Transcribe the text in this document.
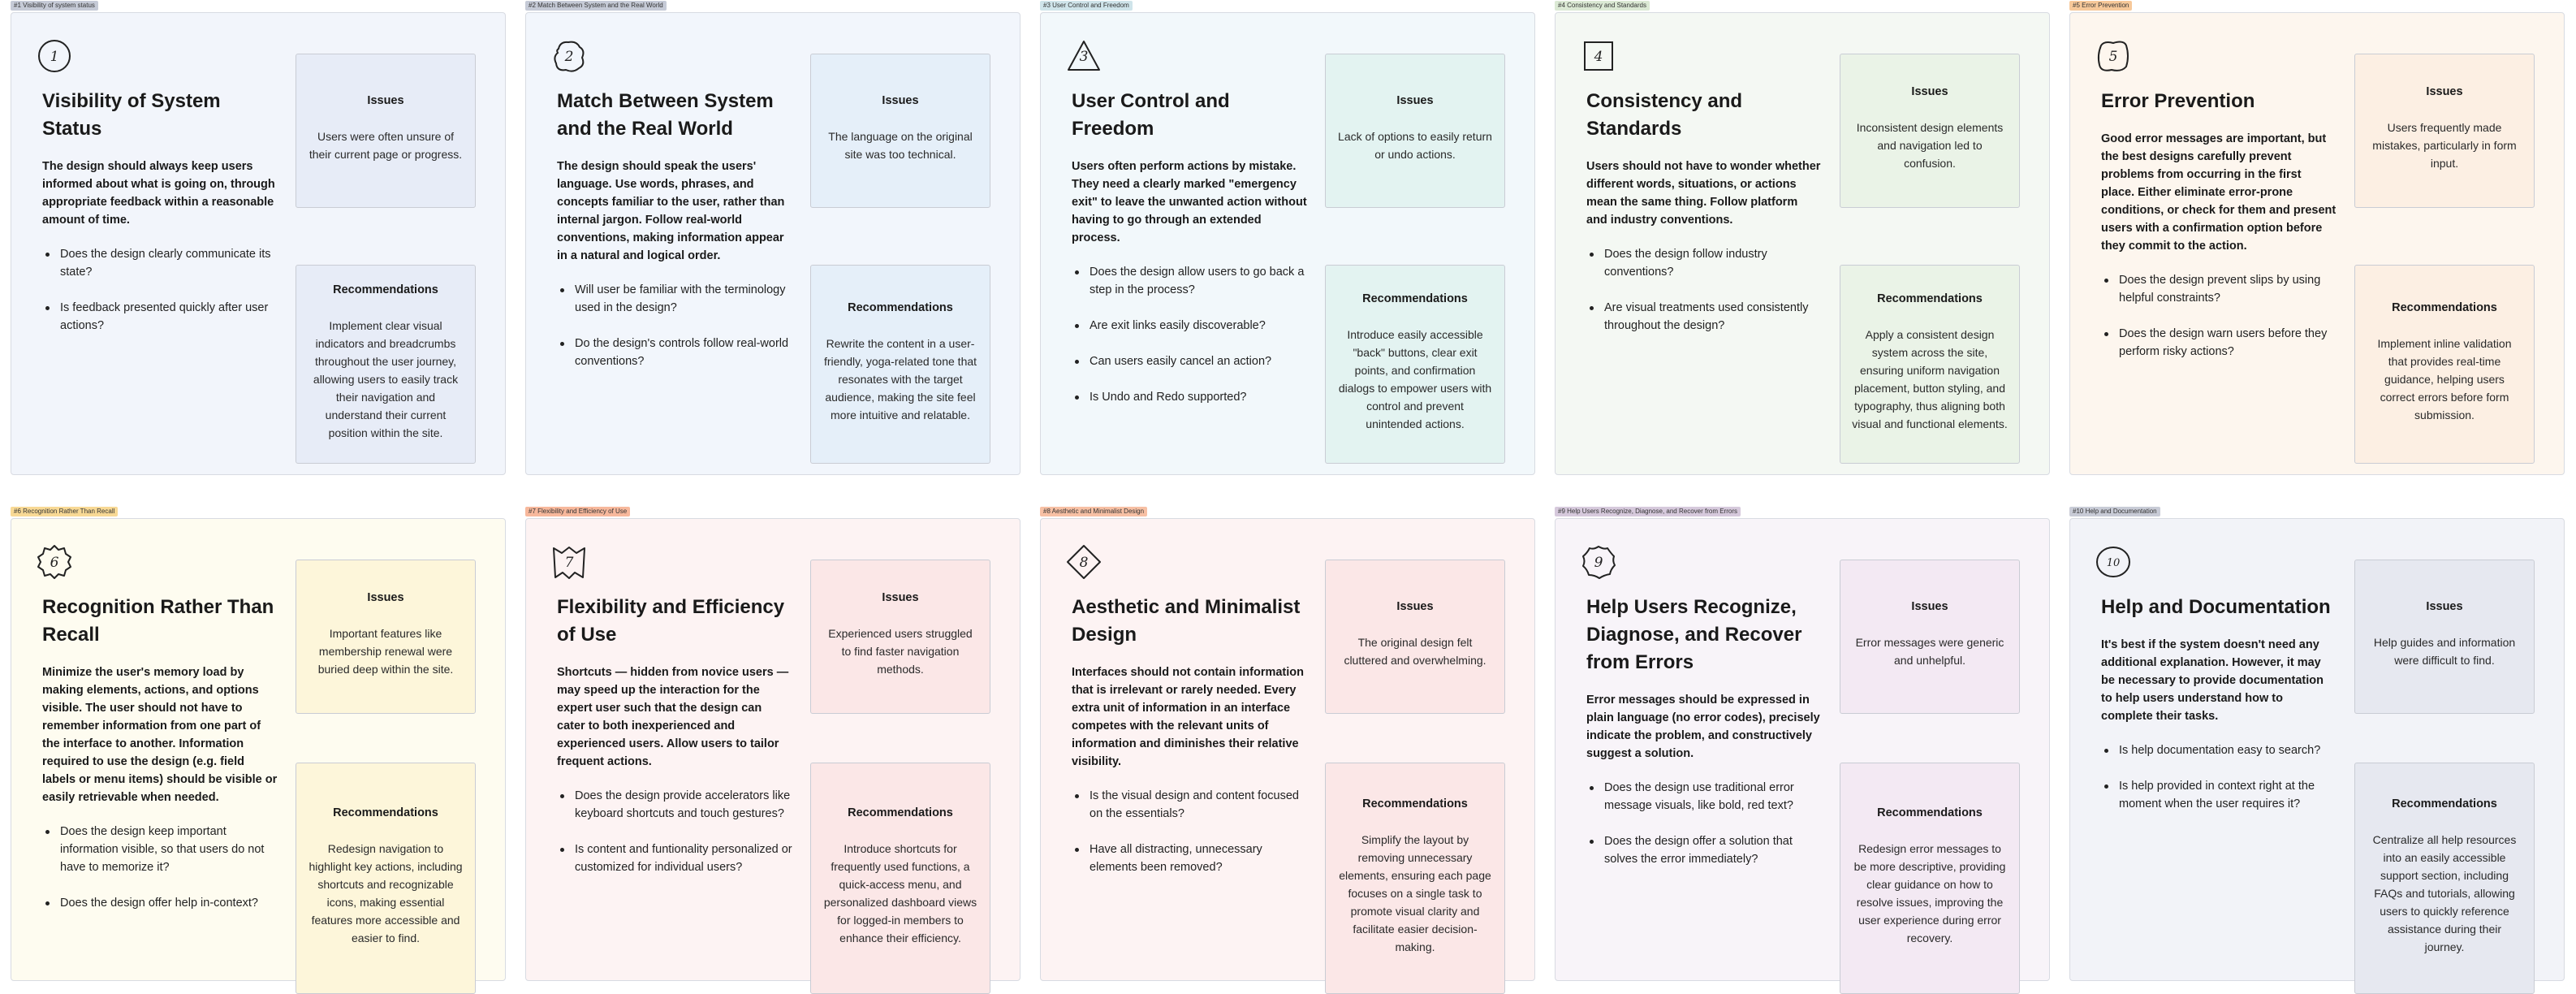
#1 Visibility of system status
1
Visibility of System Status

The design should always keep users informed about what is going on, through appropriate feedback within a reasonable amount of time.

Does the design clearly communicate its state?
Is feedback presented quickly after user actions?
Issues
Users were often unsure of their current page or progress.
Recommendations
Implement clear visual indicators and breadcrumbs throughout the user journey, allowing users to easily track their navigation and understand their current position within the site.
#2 Match Between System and the Real World
2
Match Between System and the Real World

The design should speak the users' language. Use words, phrases, and concepts familiar to the user, rather than internal jargon. Follow real-world conventions, making information appear in a natural and logical order.

Will user be familiar with the terminology used in the design?
Do the design's controls follow real-world conventions?
Issues
The language on the original site was too technical.
Recommendations
Rewrite the content in a user-friendly, yoga-related tone that resonates with the target audience, making the site feel more intuitive and relatable.
#3 User Control and Freedom
3
User Control and Freedom

Users often perform actions by mistake. They need a clearly marked "emergency exit" to leave the unwanted action without having to go through an extended process.

Does the design allow users to go back a step in the process?
Are exit links easily discoverable?
Can users easily cancel an action?
Is Undo and Redo supported?
Issues
Lack of options to easily return or undo actions.
Recommendations
Introduce easily accessible "back" buttons, clear exit points, and confirmation dialogs to empower users with control and prevent unintended actions.
#4 Consistency and Standards
4
Consistency and Standards

Users should not have to wonder whether different words, situations, or actions mean the same thing. Follow platform and industry conventions.

Does the design follow industry conventions?
Are visual treatments used consistently throughout the design?
Issues
Inconsistent design elements and navigation led to confusion.
Recommendations
Apply a consistent design system across the site, ensuring uniform navigation placement, button styling, and typography, thus aligning both visual and functional elements.
#5 Error Prevention
5
Error Prevention

Good error messages are important, but the best designs carefully prevent problems from occurring in the first place. Either eliminate error-prone conditions, or check for them and present users with a confirmation option before they commit to the action.

Does the design prevent slips by using helpful constraints?
Does the design warn users before they perform risky actions?
Issues
Users frequently made mistakes, particularly in form input.
Recommendations
Implement inline validation that provides real-time guidance, helping users correct errors before form submission.
#6 Recognition Rather Than Recall
6
Recognition Rather Than Recall

Minimize the user's memory load by making elements, actions, and options visible. The user should not have to remember information from one part of the interface to another. Information required to use the design (e.g. field labels or menu items) should be visible or easily retrievable when needed.

Does the design keep important information visible, so that users do not have to memorize it?
Does the design offer help in-context?
Issues
Important features like membership renewal were buried deep within the site.
Recommendations
Redesign navigation to highlight key actions, including shortcuts and recognizable icons, making essential features more accessible and easier to find.
#7 Flexibility and Efficiency of Use
7
Flexibility and Efficiency of Use

Shortcuts — hidden from novice users — may speed up the interaction for the expert user such that the design can cater to both inexperienced and experienced users. Allow users to tailor frequent actions.

Does the design provide accelerators like keyboard shortcuts and touch gestures?
Is content and funtionality personalized or customized for individual users?
Issues
Experienced users struggled to find faster navigation methods.
Recommendations
Introduce shortcuts for frequently used functions, a quick-access menu, and personalized dashboard views for logged-in members to enhance their efficiency.
#8 Aesthetic and Minimalist Design
8
Aesthetic and Minimalist Design

Interfaces should not contain information that is irrelevant or rarely needed. Every extra unit of information in an interface competes with the relevant units of information and diminishes their relative visibility.

Is the visual design and content focused on the essentials?
Have all distracting, unnecessary elements been removed?
Issues
The original design felt cluttered and overwhelming.
Recommendations
Simplify the layout by removing unnecessary elements, ensuring each page focuses on a single task to promote visual clarity and facilitate easier decision-making.
#9 Help Users Recognize, Diagnose, and Recover from Errors
9
Help Users Recognize, Diagnose, and Recover from Errors

Error messages should be expressed in plain language (no error codes), precisely indicate the problem, and constructively suggest a solution.

Does the design use traditional error message visuals, like bold, red text?
Does the design offer a solution that solves the error immediately?
Issues
Error messages were generic and unhelpful.
Recommendations
Redesign error messages to be more descriptive, providing clear guidance on how to resolve issues, improving the user experience during error recovery.
#10 Help and Documentation
10
Help and Documentation

It's best if the system doesn't need any additional explanation. However, it may be necessary to provide documentation to help users understand how to complete their tasks.

Is help documentation easy to search?
Is help provided in context right at the moment when the user requires it?
Issues
Help guides and information were difficult to find.
Recommendations
Centralize all help resources into an easily accessible support section, including FAQs and tutorials, allowing users to quickly reference assistance during their journey.
